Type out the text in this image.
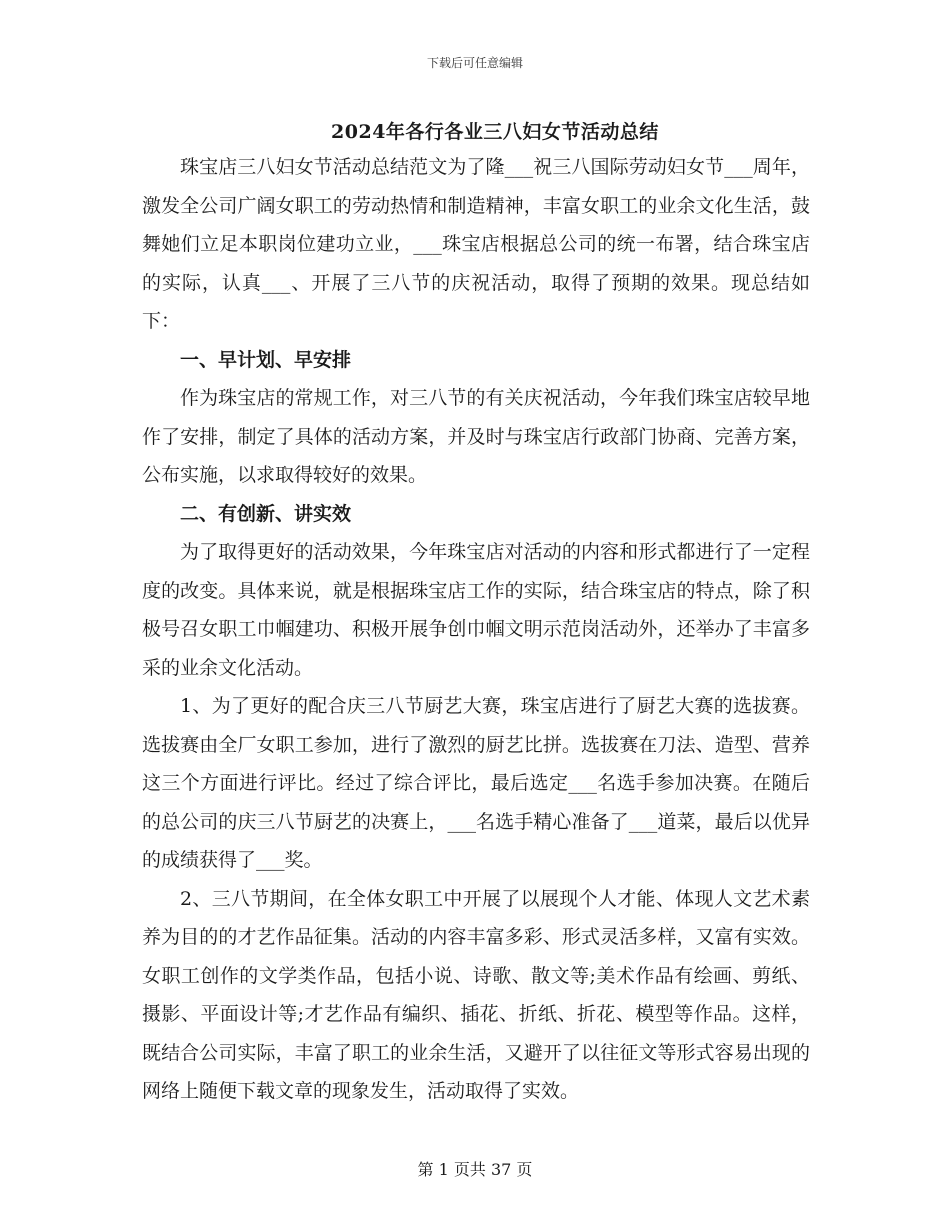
下载后可任意编辑
2024年各行各业三八妇女节活动总结

珠宝店三八妇女节活动总结范文为了隆___祝三八国际劳动妇女节___周年，激发全公司广阔女职工的劳动热情和制造精神，丰富女职工的业余文化生活，鼓舞她们立足本职岗位建功立业，___珠宝店根据总公司的统一布署，结合珠宝店的实际，认真___、开展了三八节的庆祝活动，取得了预期的效果。现总结如下：

一、早计划、早安排

作为珠宝店的常规工作，对三八节的有关庆祝活动，今年我们珠宝店较早地作了安排，制定了具体的活动方案，并及时与珠宝店行政部门协商、完善方案，公布实施，以求取得较好的效果。

二、有创新、讲实效

为了取得更好的活动效果，今年珠宝店对活动的内容和形式都进行了一定程度的改变。具体来说，就是根据珠宝店工作的实际，结合珠宝店的特点，除了积极号召女职工巾帼建功、积极开展争创巾帼文明示范岗活动外，还举办了丰富多采的业余文化活动。

1、为了更好的配合庆三八节厨艺大赛，珠宝店进行了厨艺大赛的选拔赛。选拔赛由全厂女职工参加，进行了激烈的厨艺比拼。选拔赛在刀法、造型、营养这三个方面进行评比。经过了综合评比，最后选定___名选手参加决赛。在随后的总公司的庆三八节厨艺的决赛上，___名选手精心准备了___道菜，最后以优异的成绩获得了___奖。

2、三八节期间，在全体女职工中开展了以展现个人才能、体现人文艺术素养为目的的才艺作品征集。活动的内容丰富多彩、形式灵活多样，又富有实效。女职工创作的文学类作品，包括小说、诗歌、散文等;美术作品有绘画、剪纸、摄影、平面设计等;才艺作品有编织、插花、折纸、折花、模型等作品。这样，既结合公司实际，丰富了职工的业余生活，又避开了以往征文等形式容易出现的网络上随便下载文章的现象发生，活动取得了实效。

第 1 页共 37 页
